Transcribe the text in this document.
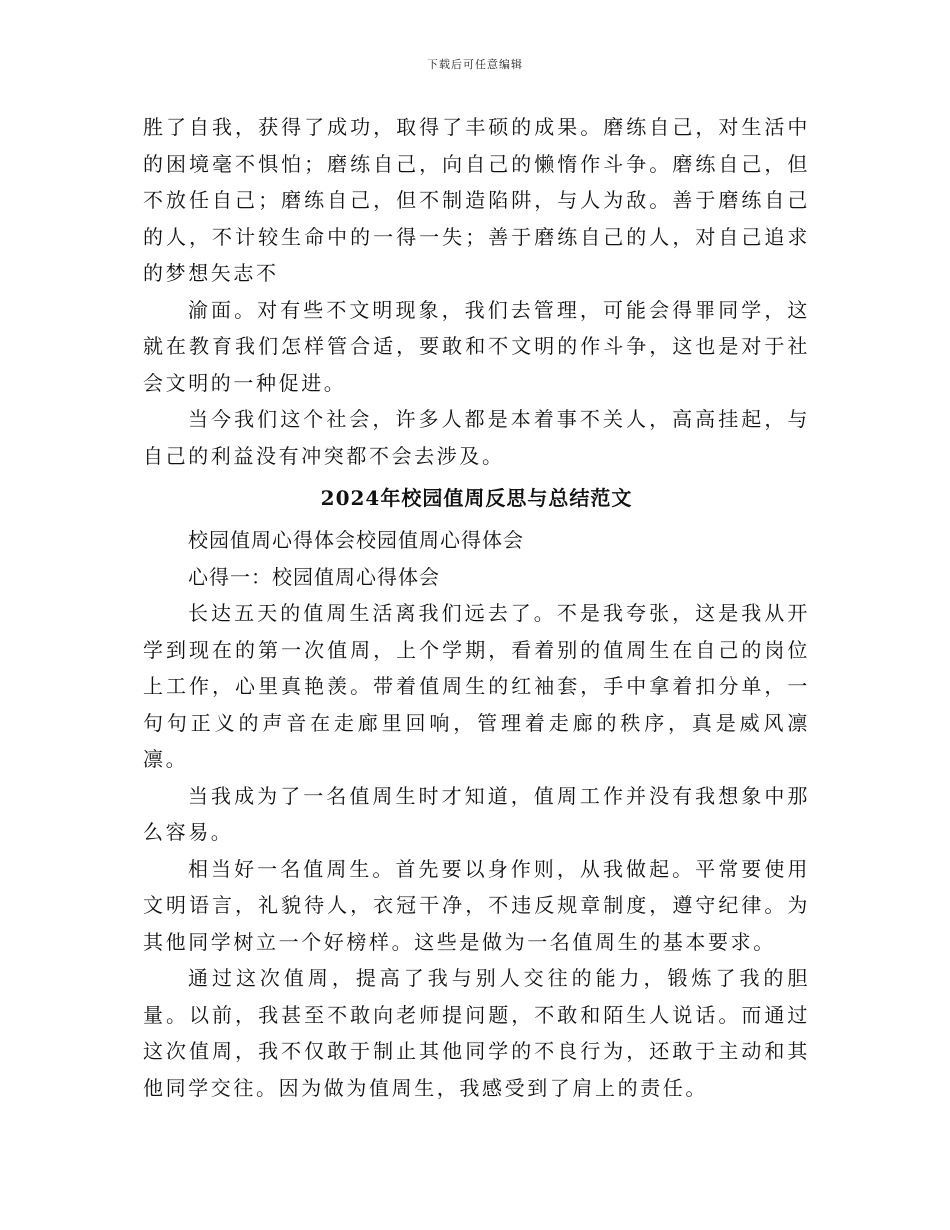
下载后可任意编辑

胜了自我，获得了成功，取得了丰硕的成果。磨练自己，对生活中的困境毫不惧怕；磨练自己，向自己的懒惰作斗争。磨练自己，但不放任自己；磨练自己，但不制造陷阱，与人为敌。善于磨练自己的人，不计较生命中的一得一失；善于磨练自己的人，对自己追求的梦想矢志不

渝面。对有些不文明现象，我们去管理，可能会得罪同学，这就在教育我们怎样管合适，要敢和不文明的作斗争，这也是对于社会文明的一种促进。

当今我们这个社会，许多人都是本着事不关人，高高挂起，与自己的利益没有冲突都不会去涉及。

2024年校园值周反思与总结范文

校园值周心得体会校园值周心得体会

心得一：校园值周心得体会

长达五天的值周生活离我们远去了。不是我夸张，这是我从开学到现在的第一次值周，上个学期，看着别的值周生在自己的岗位上工作，心里真艳羡。带着值周生的红袖套，手中拿着扣分单，一句句正义的声音在走廊里回响，管理着走廊的秩序，真是威风凛凛。

当我成为了一名值周生时才知道，值周工作并没有我想象中那么容易。

相当好一名值周生。首先要以身作则，从我做起。平常要使用文明语言，礼貌待人，衣冠干净，不违反规章制度，遵守纪律。为其他同学树立一个好榜样。这些是做为一名值周生的基本要求。

通过这次值周，提高了我与别人交往的能力，锻炼了我的胆量。以前，我甚至不敢向老师提问题，不敢和陌生人说话。而通过这次值周，我不仅敢于制止其他同学的不良行为，还敢于主动和其他同学交往。因为做为值周生，我感受到了肩上的责任。
